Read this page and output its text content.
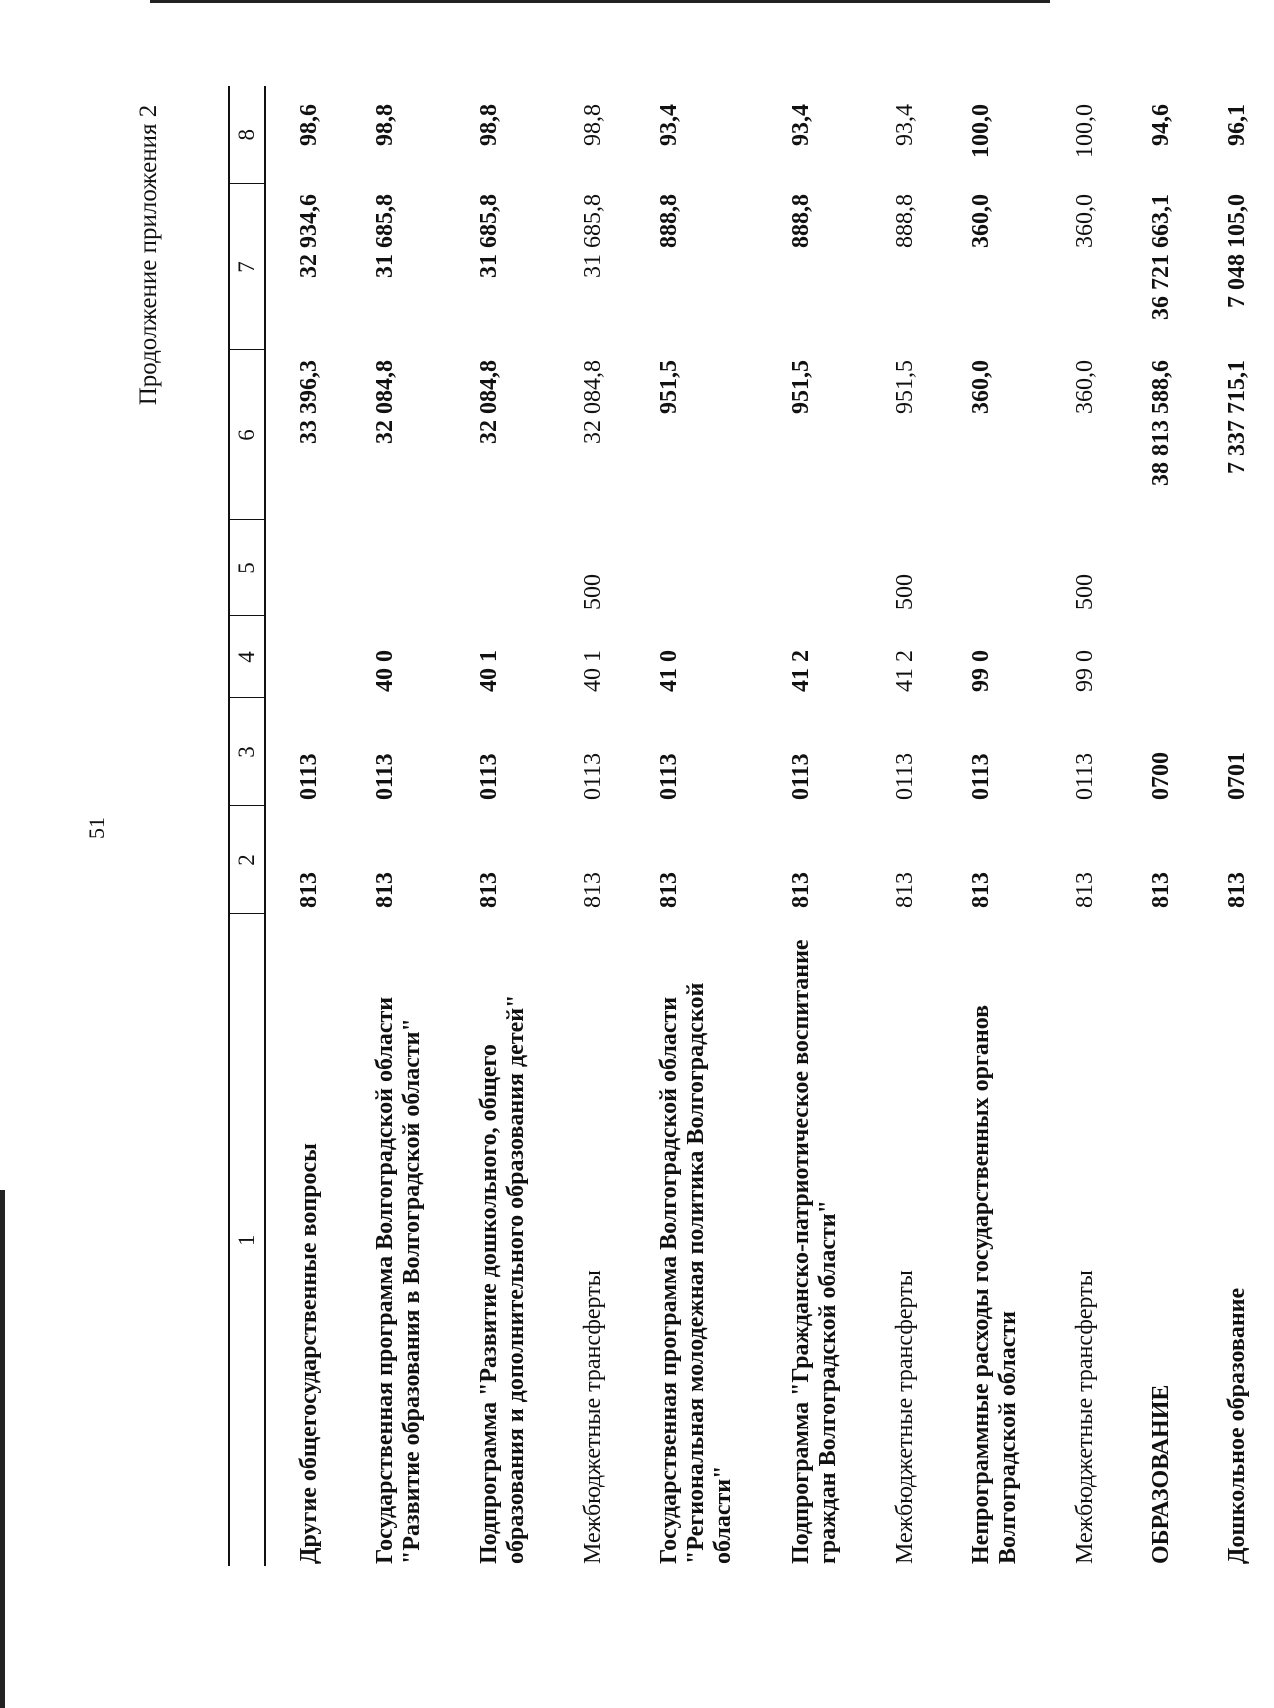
51
Продолжение приложения 2
1	2	3	4	5	6	7	8
Другие общегосударственные вопросы	813	0113			33 396,3	32 934,6	98,6
Государственная программа Волгоградской области "Развитие образования в Волгоградской области"	813	0113	40 0		32 084,8	31 685,8	98,8
Подпрограмма "Развитие дошкольного, общего образования и дополнительного образования детей"	813	0113	40 1		32 084,8	31 685,8	98,8
Межбюджетные трансферты	813	0113	40 1	500	32 084,8	31 685,8	98,8
Государственная программа Волгоградской области "Региональная молодежная политика Волгоградской области"	813	0113	41 0		951,5	888,8	93,4
Подпрограмма "Гражданско-патриотическое воспитание граждан Волгоградской области"	813	0113	41 2		951,5	888,8	93,4
Межбюджетные трансферты	813	0113	41 2	500	951,5	888,8	93,4
Непрограммные расходы государственных органов Волгоградской области	813	0113	99 0		360,0	360,0	100,0
Межбюджетные трансферты	813	0113	99 0	500	360,0	360,0	100,0
ОБРАЗОВАНИЕ	813	0700			38 813 588,6	36 721 663,1	94,6
Дошкольное образование	813	0701			7 337 715,1	7 048 105,0	96,1
